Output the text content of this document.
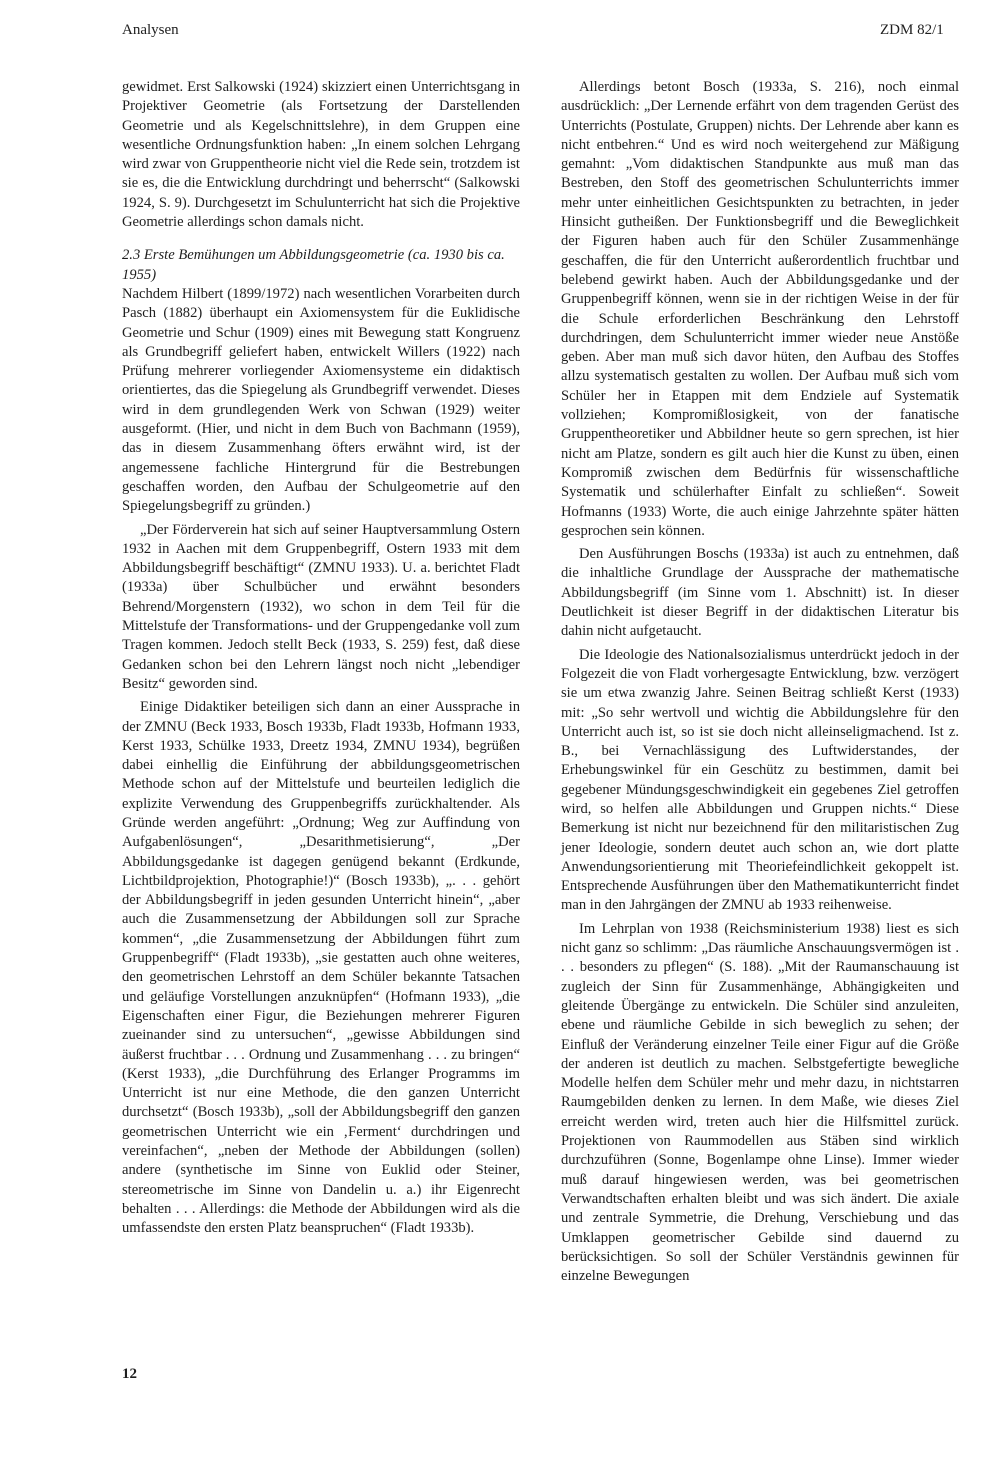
Analysen	ZDM 82/1

gewidmet. Erst Salkowski (1924) skizziert einen Unterrichtsgang in Projektiver Geometrie (als Fortsetzung der Darstellenden Geometrie und als Kegelschnittslehre), in dem Gruppen eine wesentliche Ordnungsfunktion haben: „In einem solchen Lehrgang wird zwar von Gruppentheorie nicht viel die Rede sein, trotzdem ist sie es, die die Entwicklung durchdringt und beherrscht“ (Salkowski 1924, S. 9). Durchgesetzt im Schulunterricht hat sich die Projektive Geometrie allerdings schon damals nicht.

2.3 Erste Bemühungen um Abbildungsgeometrie (ca. 1930 bis ca. 1955)

Nachdem Hilbert (1899/1972) nach wesentlichen Vorarbeiten durch Pasch (1882) überhaupt ein Axiomensystem für die Euklidische Geometrie und Schur (1909) eines mit Bewegung statt Kongruenz als Grundbegriff geliefert haben, entwickelt Willers (1922) nach Prüfung mehrerer vorliegender Axiomensysteme ein didaktisch orientiertes, das die Spiegelung als Grundbegriff verwendet. Dieses wird in dem grundlegenden Werk von Schwan (1929) weiter ausgeformt. (Hier, und nicht in dem Buch von Bachmann (1959), das in diesem Zusammenhang öfters erwähnt wird, ist der angemessene fachliche Hintergrund für die Bestrebungen geschaffen worden, den Aufbau der Schulgeometrie auf den Spiegelungsbegriff zu gründen.)

„Der Förderverein hat sich auf seiner Hauptversammlung Ostern 1932 in Aachen mit dem Gruppenbegriff, Ostern 1933 mit dem Abbildungsbegriff beschäftigt“ (ZMNU 1933). U. a. berichtet Fladt (1933a) über Schulbücher und erwähnt besonders Behrend/Morgenstern (1932), wo schon in dem Teil für die Mittelstufe der Transformations- und der Gruppengedanke voll zum Tragen kommen. Jedoch stellt Beck (1933, S. 259) fest, daß diese Gedanken schon bei den Lehrern längst noch nicht „lebendiger Besitz“ geworden sind.

Einige Didaktiker beteiligen sich dann an einer Aussprache in der ZMNU (Beck 1933, Bosch 1933b, Fladt 1933b, Hofmann 1933, Kerst 1933, Schülke 1933, Dreetz 1934, ZMNU 1934), begrüßen dabei einhellig die Einführung der abbildungsgeometrischen Methode schon auf der Mittelstufe und beurteilen lediglich die explizite Verwendung des Gruppenbegriffs zurückhaltender. Als Gründe werden angeführt: „Ordnung; Weg zur Auffindung von Aufgabenlösungen“, „Desarithmetisierung“, „Der Abbildungsgedanke ist dagegen genügend bekannt (Erdkunde, Lichtbildprojektion, Photographie!)“ (Bosch 1933b), „. . . gehört der Abbildungsbegriff in jeden gesunden Unterricht hinein“, „aber auch die Zusammensetzung der Abbildungen soll zur Sprache kommen“, „die Zusammensetzung der Abbildungen führt zum Gruppenbegriff“ (Fladt 1933b), „sie gestatten auch ohne weiteres, den geometrischen Lehrstoff an dem Schüler bekannte Tatsachen und geläufige Vorstellungen anzuknüpfen“ (Hofmann 1933), „die Eigenschaften einer Figur, die Beziehungen mehrerer Figuren zueinander sind zu untersuchen“, „gewisse Abbildungen sind äußerst fruchtbar . . . Ordnung und Zusammenhang . . . zu bringen“ (Kerst 1933), „die Durchführung des Erlanger Programms im Unterricht ist nur eine Methode, die den ganzen Unterricht durchsetzt“ (Bosch 1933b), „soll der Abbildungsbegriff den ganzen geometrischen Unterricht wie ein ‚Ferment‘ durchdringen und vereinfachen“, „neben der Methode der Abbildungen (sollen) andere (synthetische im Sinne von Euklid oder Steiner, stereometrische im Sinne von Dandelin u. a.) ihr Eigenrecht behalten . . . Allerdings: die Methode der Abbildungen wird als die umfassendste den ersten Platz beanspruchen“ (Fladt 1933b).

Allerdings betont Bosch (1933a, S. 216), noch einmal ausdrücklich: „Der Lernende erfährt von dem tragenden Gerüst des Unterrichts (Postulate, Gruppen) nichts. Der Lehrende aber kann es nicht entbehren.“ Und es wird noch weitergehend zur Mäßigung gemahnt: „Vom didaktischen Standpunkte aus muß man das Bestreben, den Stoff des geometrischen Schulunterrichts immer mehr unter einheitlichen Gesichtspunkten zu betrachten, in jeder Hinsicht gutheißen. Der Funktionsbegriff und die Beweglichkeit der Figuren haben auch für den Schüler Zusammenhänge geschaffen, die für den Unterricht außerordentlich fruchtbar und belebend gewirkt haben. Auch der Abbildungsgedanke und der Gruppenbegriff können, wenn sie in der richtigen Weise in der für die Schule erforderlichen Beschränkung den Lehrstoff durchdringen, dem Schulunterricht immer wieder neue Anstöße geben. Aber man muß sich davor hüten, den Aufbau des Stoffes allzu systematisch gestalten zu wollen. Der Aufbau muß sich vom Schüler her in Etappen mit dem Endziele auf Systematik vollziehen; Kompromißlosigkeit, von der fanatische Gruppentheoretiker und Abbildner heute so gern sprechen, ist hier nicht am Platze, sondern es gilt auch hier die Kunst zu üben, einen Kompromiß zwischen dem Bedürfnis für wissenschaftliche Systematik und schülerhafter Einfalt zu schließen“. Soweit Hofmanns (1933) Worte, die auch einige Jahrzehnte später hätten gesprochen sein können.

Den Ausführungen Boschs (1933a) ist auch zu entnehmen, daß die inhaltliche Grundlage der Aussprache der mathematische Abbildungsbegriff (im Sinne vom 1. Abschnitt) ist. In dieser Deutlichkeit ist dieser Begriff in der didaktischen Literatur bis dahin nicht aufgetaucht.

Die Ideologie des Nationalsozialismus unterdrückt jedoch in der Folgezeit die von Fladt vorhergesagte Entwicklung, bzw. verzögert sie um etwa zwanzig Jahre. Seinen Beitrag schließt Kerst (1933) mit: „So sehr wertvoll und wichtig die Abbildungslehre für den Unterricht auch ist, so ist sie doch nicht alleinseligmachend. Ist z. B., bei Vernachlässigung des Luftwiderstandes, der Erhebungswinkel für ein Geschütz zu bestimmen, damit bei gegebener Mündungsgeschwindigkeit ein gegebenes Ziel getroffen wird, so helfen alle Abbildungen und Gruppen nichts.“ Diese Bemerkung ist nicht nur bezeichnend für den militaristischen Zug jener Ideologie, sondern deutet auch schon an, wie dort platte Anwendungsorientierung mit Theoriefeindlichkeit gekoppelt ist. Entsprechende Ausführungen über den Mathematikunterricht findet man in den Jahrgängen der ZMNU ab 1933 reihenweise.

Im Lehrplan von 1938 (Reichsministerium 1938) liest es sich nicht ganz so schlimm: „Das räumliche Anschauungsvermögen ist . . . besonders zu pflegen“ (S. 188). „Mit der Raumanschauung ist zugleich der Sinn für Zusammenhänge, Abhängigkeiten und gleitende Übergänge zu entwickeln. Die Schüler sind anzuleiten, ebene und räumliche Gebilde in sich beweglich zu sehen; der Einfluß der Veränderung einzelner Teile einer Figur auf die Größe der anderen ist deutlich zu machen. Selbstgefertigte bewegliche Modelle helfen dem Schüler mehr und mehr dazu, in nichtstarren Raumgebilden denken zu lernen. In dem Maße, wie dieses Ziel erreicht werden wird, treten auch hier die Hilfsmittel zurück. Projektionen von Raummodellen aus Stäben sind wirklich durchzuführen (Sonne, Bogenlampe ohne Linse). Immer wieder muß darauf hingewiesen werden, was bei geometrischen Verwandtschaften erhalten bleibt und was sich ändert. Die axiale und zentrale Symmetrie, die Drehung, Verschiebung und das Umklappen geometrischer Gebilde sind dauernd zu berücksichtigen. So soll der Schüler Verständnis gewinnen für einzelne Bewegungen

12
